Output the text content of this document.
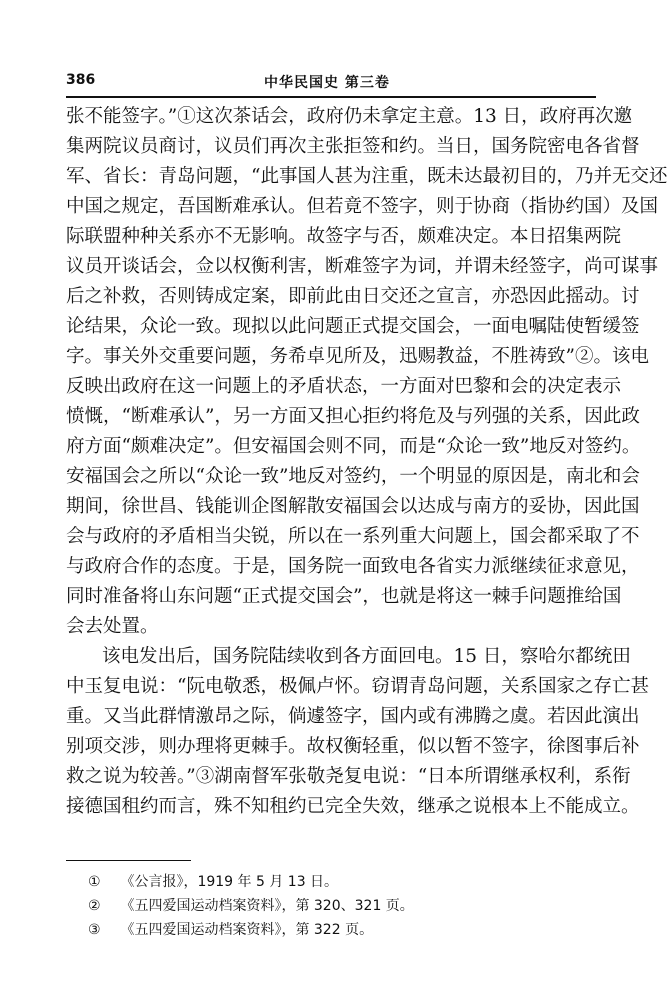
386	中华民国史 第三卷
张不能签字。”①这次茶话会，政府仍未拿定主意。13 日，政府再次邀
集两院议员商讨，议员们再次主张拒签和约。当日，国务院密电各省督
军、省长：青岛问题，“此事国人甚为注重，既未达最初目的，乃并无交还
中国之规定，吾国断难承认。但若竟不签字，则于协商（指协约国）及国
际联盟种种关系亦不无影响。故签字与否，颇难决定。本日招集两院
议员开谈话会，佥以权衡利害，断难签字为词，并谓未经签字，尚可谋事
后之补救，否则铸成定案，即前此由日交还之宣言，亦恐因此摇动。讨
论结果，众论一致。现拟以此问题正式提交国会，一面电嘱陆使暂缓签
字。事关外交重要问题，务希卓见所及，迅赐教益，不胜祷致”②。该电
反映出政府在这一问题上的矛盾状态，一方面对巴黎和会的决定表示
愤慨，“断难承认”，另一方面又担心拒约将危及与列强的关系，因此政
府方面“颇难决定”。但安福国会则不同，而是“众论一致”地反对签约。
安福国会之所以“众论一致”地反对签约，一个明显的原因是，南北和会
期间，徐世昌、钱能训企图解散安福国会以达成与南方的妥协，因此国
会与政府的矛盾相当尖锐，所以在一系列重大问题上，国会都采取了不
与政府合作的态度。于是，国务院一面致电各省实力派继续征求意见，
同时准备将山东问题“正式提交国会”，也就是将这一棘手问题推给国
会去处置。
该电发出后，国务院陆续收到各方面回电。15 日，察哈尔都统田
中玉复电说：“阮电敬悉，极佩卢怀。窃谓青岛问题，关系国家之存亡甚
重。又当此群情激昂之际，倘遽签字，国内或有沸腾之虞。若因此演出
别项交涉，则办理将更棘手。故权衡轻重，似以暂不签字，徐图事后补
救之说为较善。”③湖南督军张敬尧复电说：“日本所谓继承权利，系衔
接德国租约而言，殊不知租约已完全失效，继承之说根本上不能成立。
① 《公言报》，1919 年 5 月 13 日。
② 《五四爱国运动档案资料》，第 320、321 页。
③ 《五四爱国运动档案资料》，第 322 页。
